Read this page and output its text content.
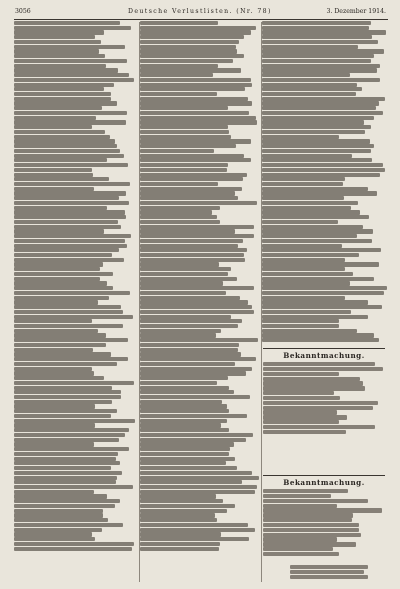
3056	Deutsche Verlustlisten. (Nr. 78)	3. Dezember 1914.
Bekanntmachung.
Bekanntmachung.
